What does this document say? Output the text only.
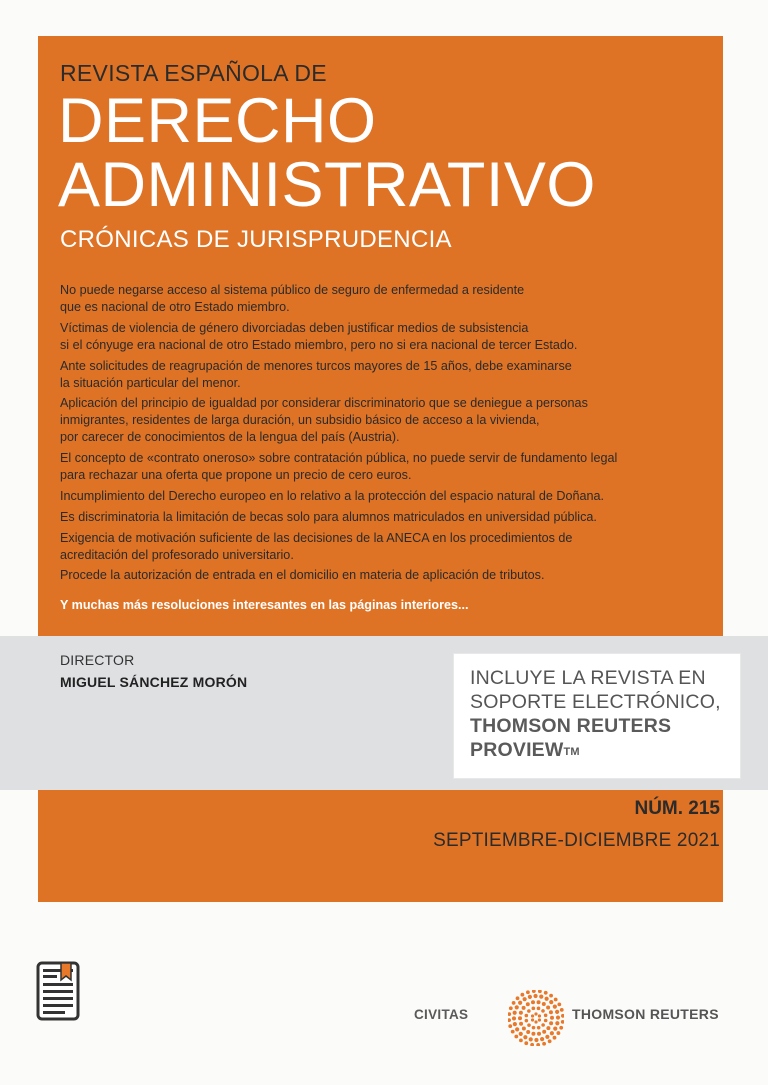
REVISTA ESPAÑOLA DE

DERECHO
ADMINISTRATIVO
CRÓNICAS DE JURISPRUDENCIA
No puede negarse acceso al sistema público de seguro de enfermedad a residente
que es nacional de otro Estado miembro.
Víctimas de violencia de género divorciadas deben justificar medios de subsistencia
si el cónyuge era nacional de otro Estado miembro, pero no si era nacional de tercer Estado.
Ante solicitudes de reagrupación de menores turcos mayores de 15 años, debe examinarse
la situación particular del menor.
Aplicación del principio de igualdad por considerar discriminatorio que se deniegue a personas
inmigrantes, residentes de larga duración, un subsidio básico de acceso a la vivienda,
por carecer de conocimientos de la lengua del país (Austria).
El concepto de «contrato oneroso» sobre contratación pública, no puede servir de fundamento legal
para rechazar una oferta que propone un precio de cero euros.
Incumplimiento del Derecho europeo en lo relativo a la protección del espacio natural de Doñana.
Es discriminatoria la limitación de becas solo para alumnos matriculados en universidad pública.
Exigencia de motivación suficiente de las decisiones de la ANECA en los procedimientos de
acreditación del profesorado universitario.
Procede la autorización de entrada en el domicilio en materia de aplicación de tributos.

Y muchas más resoluciones interesantes en las páginas interiores...

DIRECTOR

MIGUEL SÁNCHEZ MORÓN	INCLUYE LA REVISTA EN

SOPORTE ELECTRÓNICO,

THOMSON REUTERS

PROVIEW™

NÚM. 215

SEPTIEMBRE-DICIEMBRE 2021

CIVITAS	THOMSON REUTERS
